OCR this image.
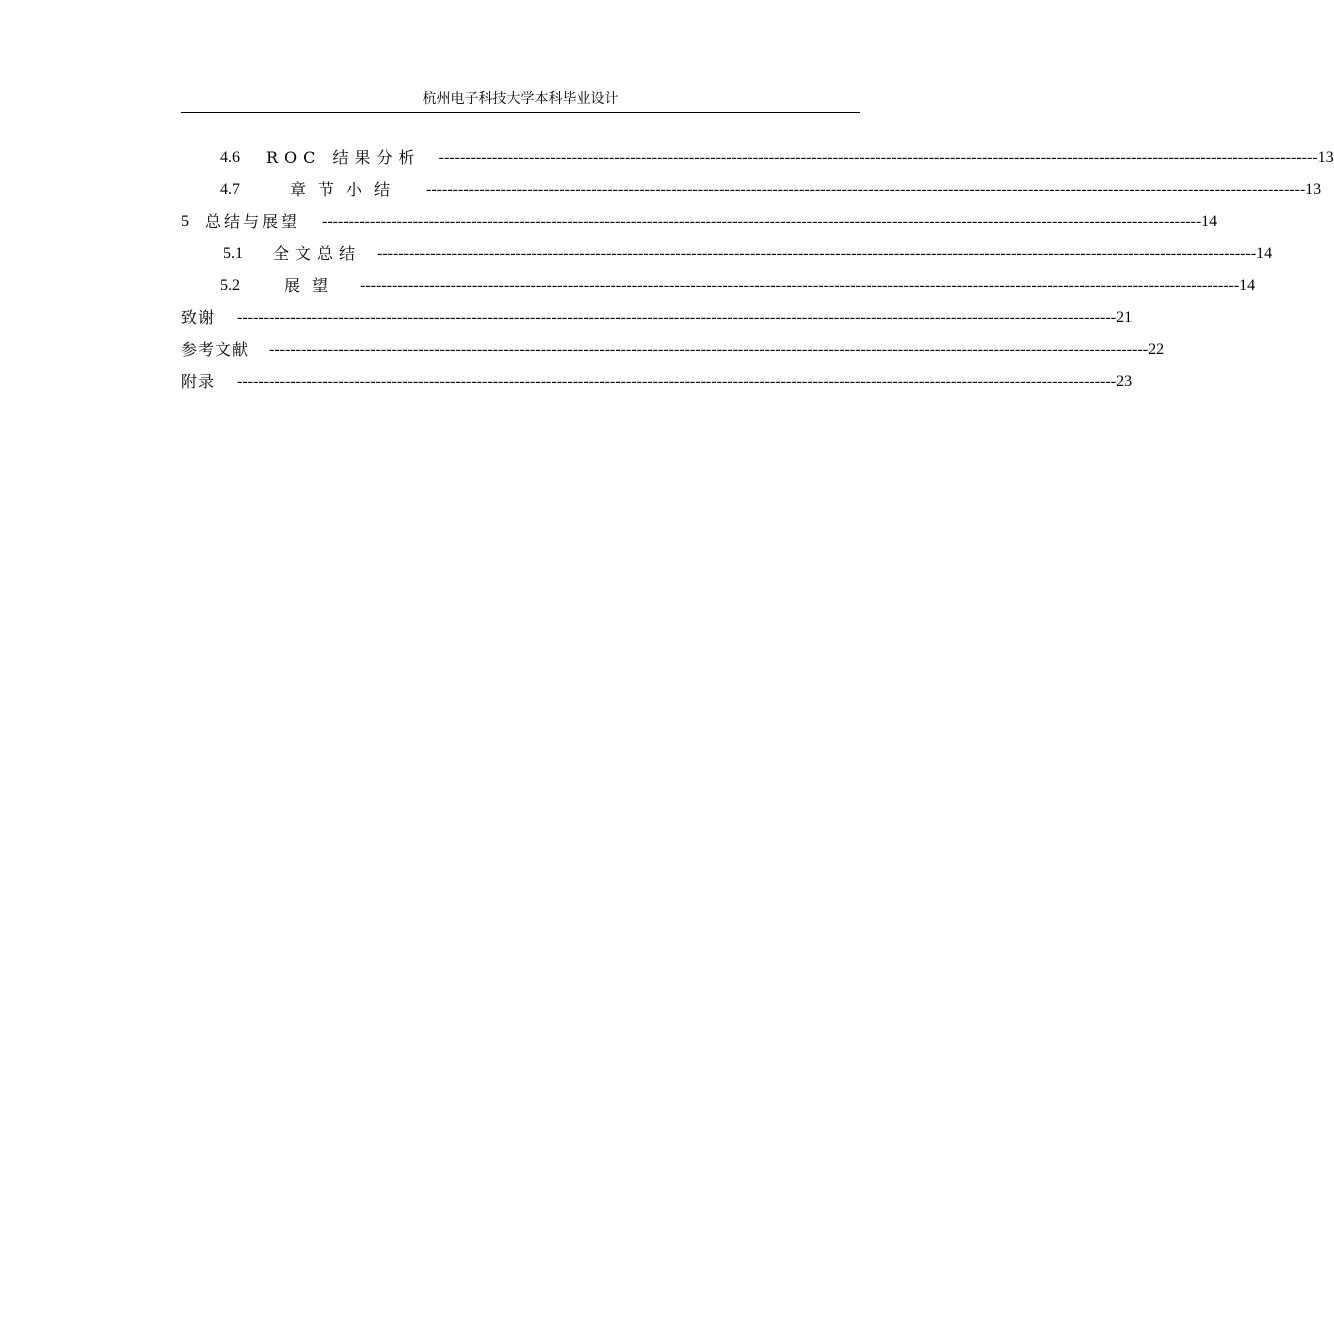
杭州电子科技大学本科毕业设计
4.6 ROC 结果分析 --------------------------------------------------------------------------------------------------------------------------------------------------------------------- 13
4.7	章节小结 --------------------------------------------------------------------------------------------------------------------------------------------------------------------- 13
5 总结与展望 --------------------------------------------------------------------------------------------------------------------------------------------------------------------- 14
5.1 全文总结 --------------------------------------------------------------------------------------------------------------------------------------------------------------------- 14
5.2	展望 --------------------------------------------------------------------------------------------------------------------------------------------------------------------- 14
致谢 --------------------------------------------------------------------------------------------------------------------------------------------------------------------- 21
参考文献 --------------------------------------------------------------------------------------------------------------------------------------------------------------------- 22
附录 --------------------------------------------------------------------------------------------------------------------------------------------------------------------- 23
